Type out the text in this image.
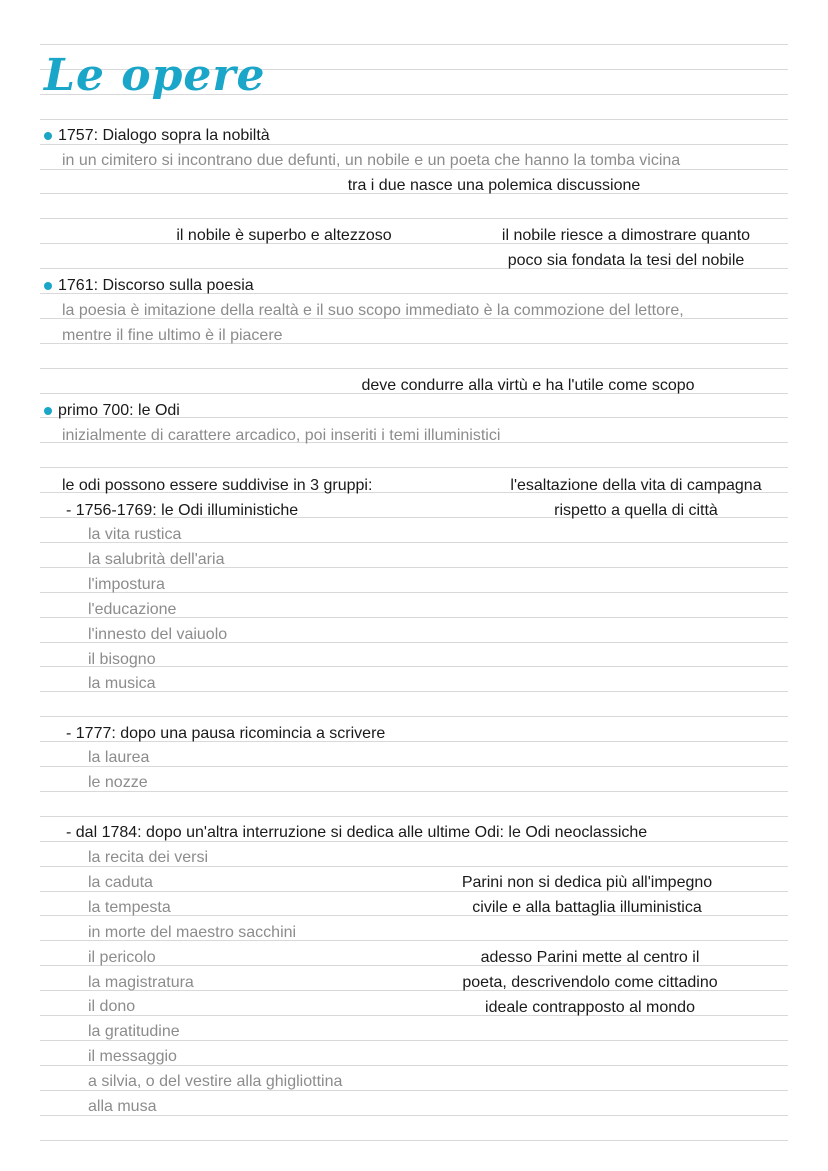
Le opere
1757: Dialogo sopra la nobiltà
in un cimitero si incontrano due defunti, un nobile e un poeta che hanno la tomba vicina
tra i due nasce una polemica discussione
il nobile è superbo e altezzoso	il nobile riesce a dimostrare quanto
poco sia fondata la tesi del nobile
1761: Discorso sulla poesia
la poesia è imitazione della realtà e il suo scopo immediato è la commozione del lettore,
mentre il fine ultimo è il piacere
deve condurre alla virtù e ha l'utile come scopo
primo 700: le Odi
inizialmente di carattere arcadico, poi inseriti i temi illuministici
le odi possono essere suddivise in 3 gruppi:	l'esaltazione della vita di campagna
rispetto a quella di città
- 1756-1769: le Odi illuministiche
la vita rustica
la salubrità dell'aria
l'impostura
l'educazione
l'innesto del vaiuolo
il bisogno
la musica
- 1777: dopo una pausa ricomincia a scrivere
la laurea
le nozze
- dal 1784: dopo un'altra interruzione si dedica alle ultime Odi: le Odi neoclassiche
la recita dei versi
la caduta
la tempesta
in morte del maestro sacchini
il pericolo
la magistratura
il dono
la gratitudine
il messaggio
a silvia, o del vestire alla ghigliottina
alla musa
Parini non si dedica più all'impegno
civile e alla battaglia illuministica
adesso Parini mette al centro il
poeta, descrivendolo come cittadino
ideale contrapposto al mondo
